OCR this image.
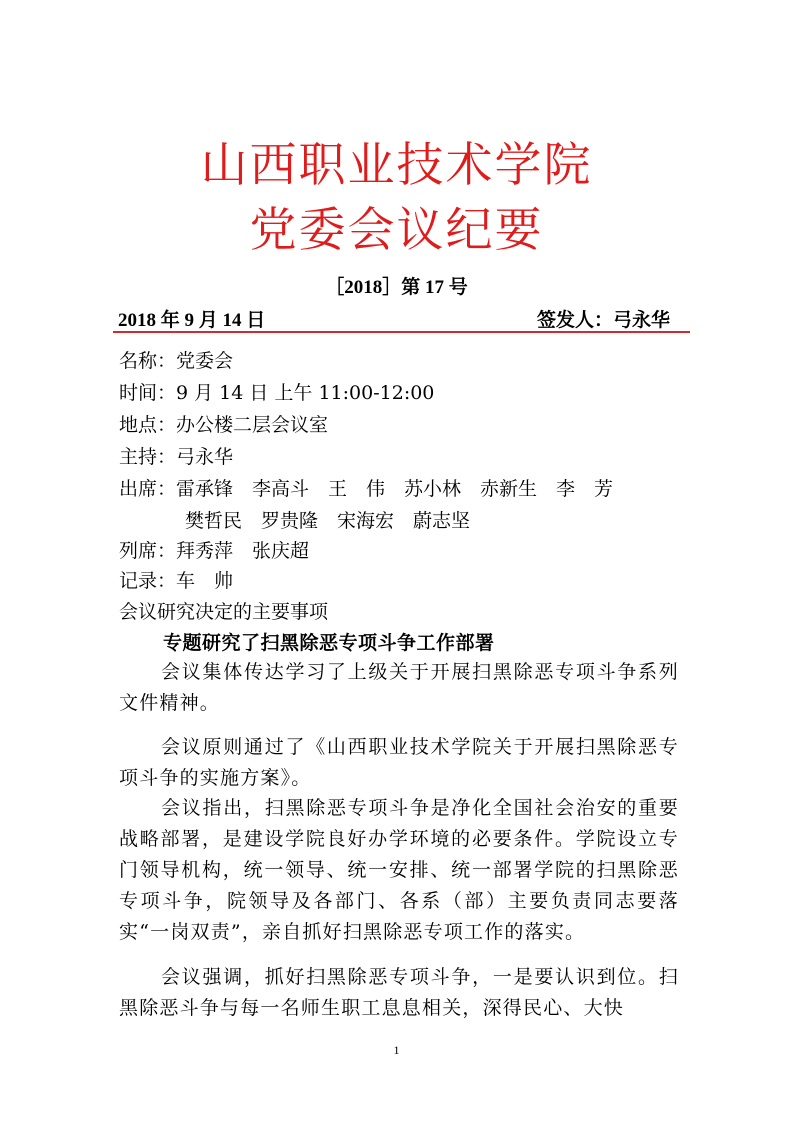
山西职业技术学院
党委会议纪要
［2018］第 17 号
2018 年 9 月 14 日	签发人：弓永华
名称：党委会
时间：9 月 14 日 上午 11:00-12:00
地点：办公楼二层会议室
主持：弓永华
出席：雷承锋　李高斗　王　伟　苏小林　赤新生　李　芳
樊哲民　罗贵隆　宋海宏　蔚志坚
列席：拜秀萍　张庆超
记录：车　帅
会议研究决定的主要事项
专题研究了扫黑除恶专项斗争工作部署
会议集体传达学习了上级关于开展扫黑除恶专项斗争系列文件精神。
会议原则通过了《山西职业技术学院关于开展扫黑除恶专项斗争的实施方案》。
会议指出，扫黑除恶专项斗争是净化全国社会治安的重要战略部署，是建设学院良好办学环境的必要条件。学院设立专门领导机构，统一领导、统一安排、统一部署学院的扫黑除恶专项斗争，院领导及各部门、各系（部）主要负责同志要落实“一岗双责”，亲自抓好扫黑除恶专项工作的落实。
会议强调，抓好扫黑除恶专项斗争，一是要认识到位。扫黑除恶斗争与每一名师生职工息息相关，深得民心、大快
1
